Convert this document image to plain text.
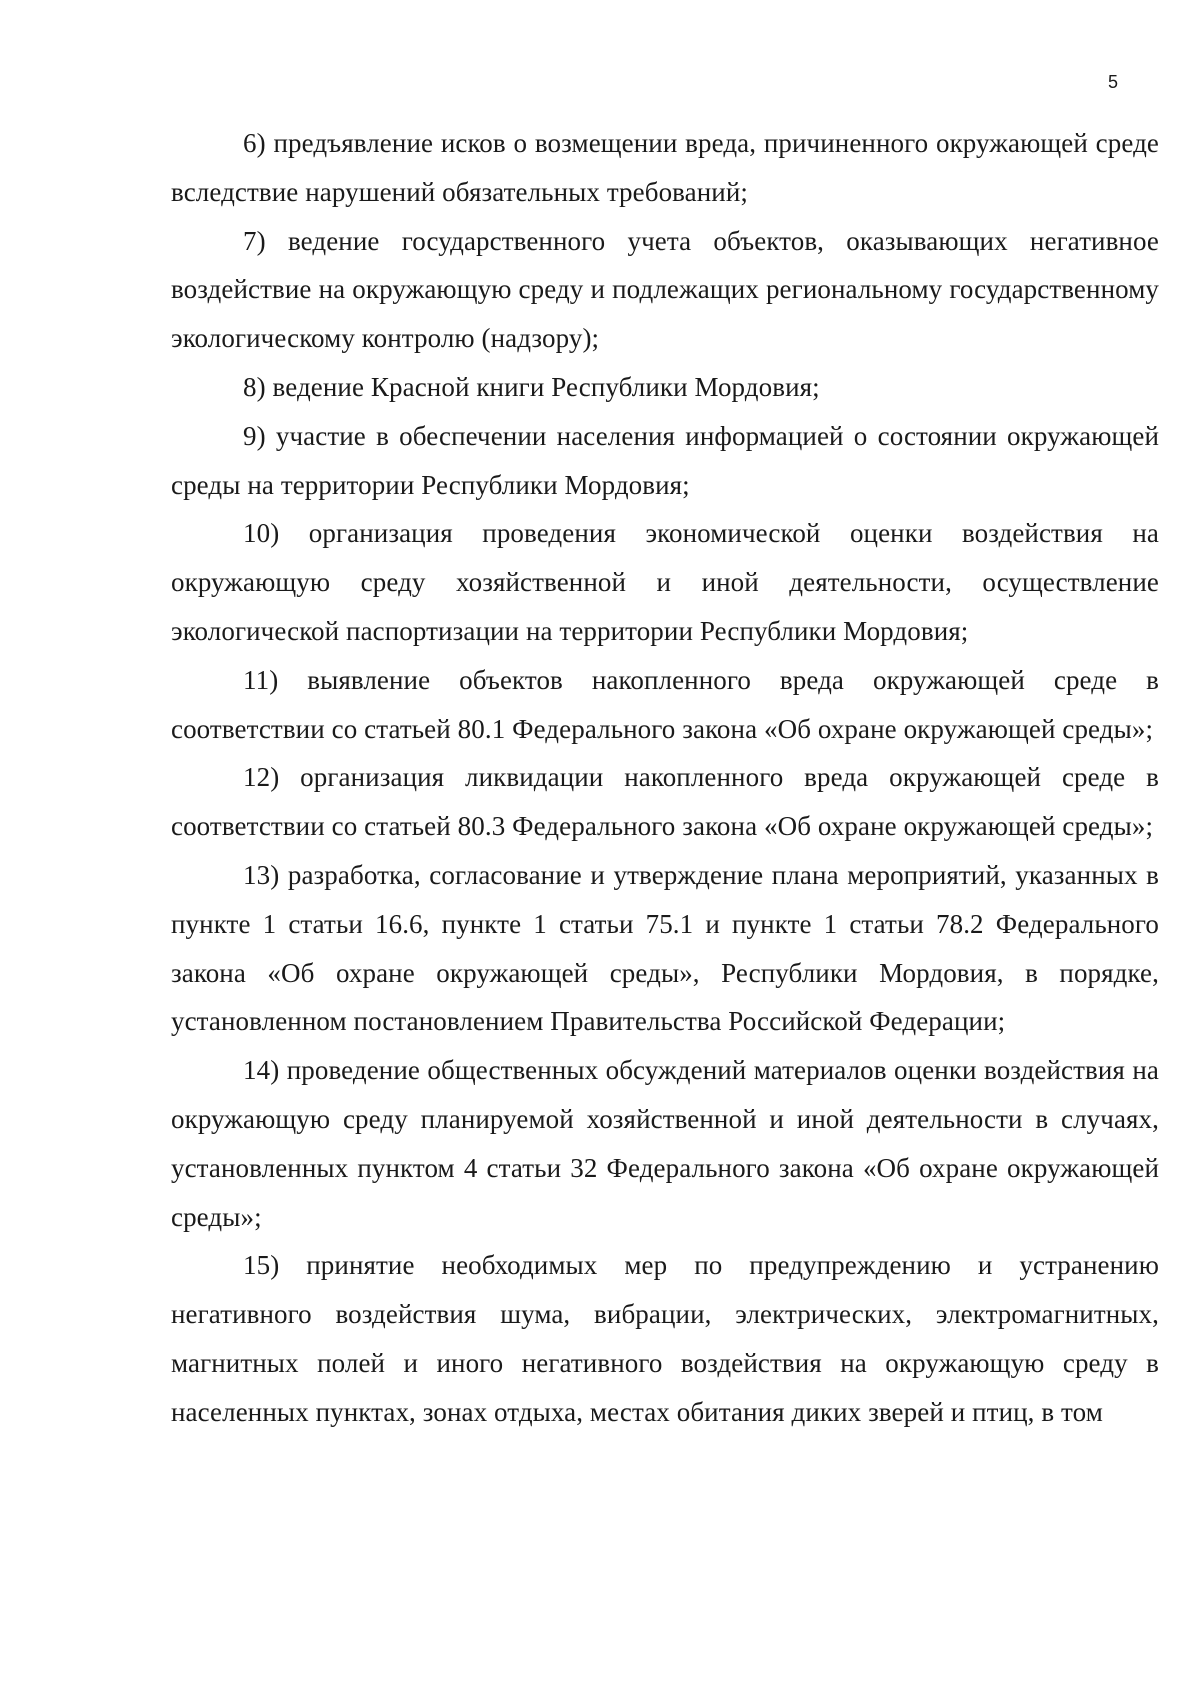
5

6) предъявление исков о возмещении вреда, причиненного окружающей среде вследствие нарушений обязательных требований;

7) ведение государственного учета объектов, оказывающих негативное воздействие на окружающую среду и подлежащих региональному государственному экологическому контролю (надзору);

8) ведение Красной книги Республики Мордовия;

9) участие в обеспечении населения информацией о состоянии окружающей среды на территории Республики Мордовия;

10) организация проведения экономической оценки воздействия на окружающую среду хозяйственной и иной деятельности, осуществление экологической паспортизации на территории Республики Мордовия;

11) выявление объектов накопленного вреда окружающей среде в соответствии со статьей 80.1 Федерального закона «Об охране окружающей среды»;

12) организация ликвидации накопленного вреда окружающей среде в соответствии со статьей 80.3 Федерального закона «Об охране окружающей среды»;

13) разработка, согласование и утверждение плана мероприятий, указанных в пункте 1 статьи 16.6, пункте 1 статьи 75.1 и пункте 1 статьи 78.2 Федерального закона «Об охране окружающей среды», Республики Мордовия, в порядке, установленном постановлением Правительства Российской Федерации;

14) проведение общественных обсуждений материалов оценки воздействия на окружающую среду планируемой хозяйственной и иной деятельности в случаях, установленных пунктом 4 статьи 32 Федерального закона «Об охране окружающей среды»;

15) принятие необходимых мер по предупреждению и устранению негативного воздействия шума, вибрации, электрических, электромагнитных, магнитных полей и иного негативного воздействия на окружающую среду в населенных пунктах, зонах отдыха, местах обитания диких зверей и птиц, в том
